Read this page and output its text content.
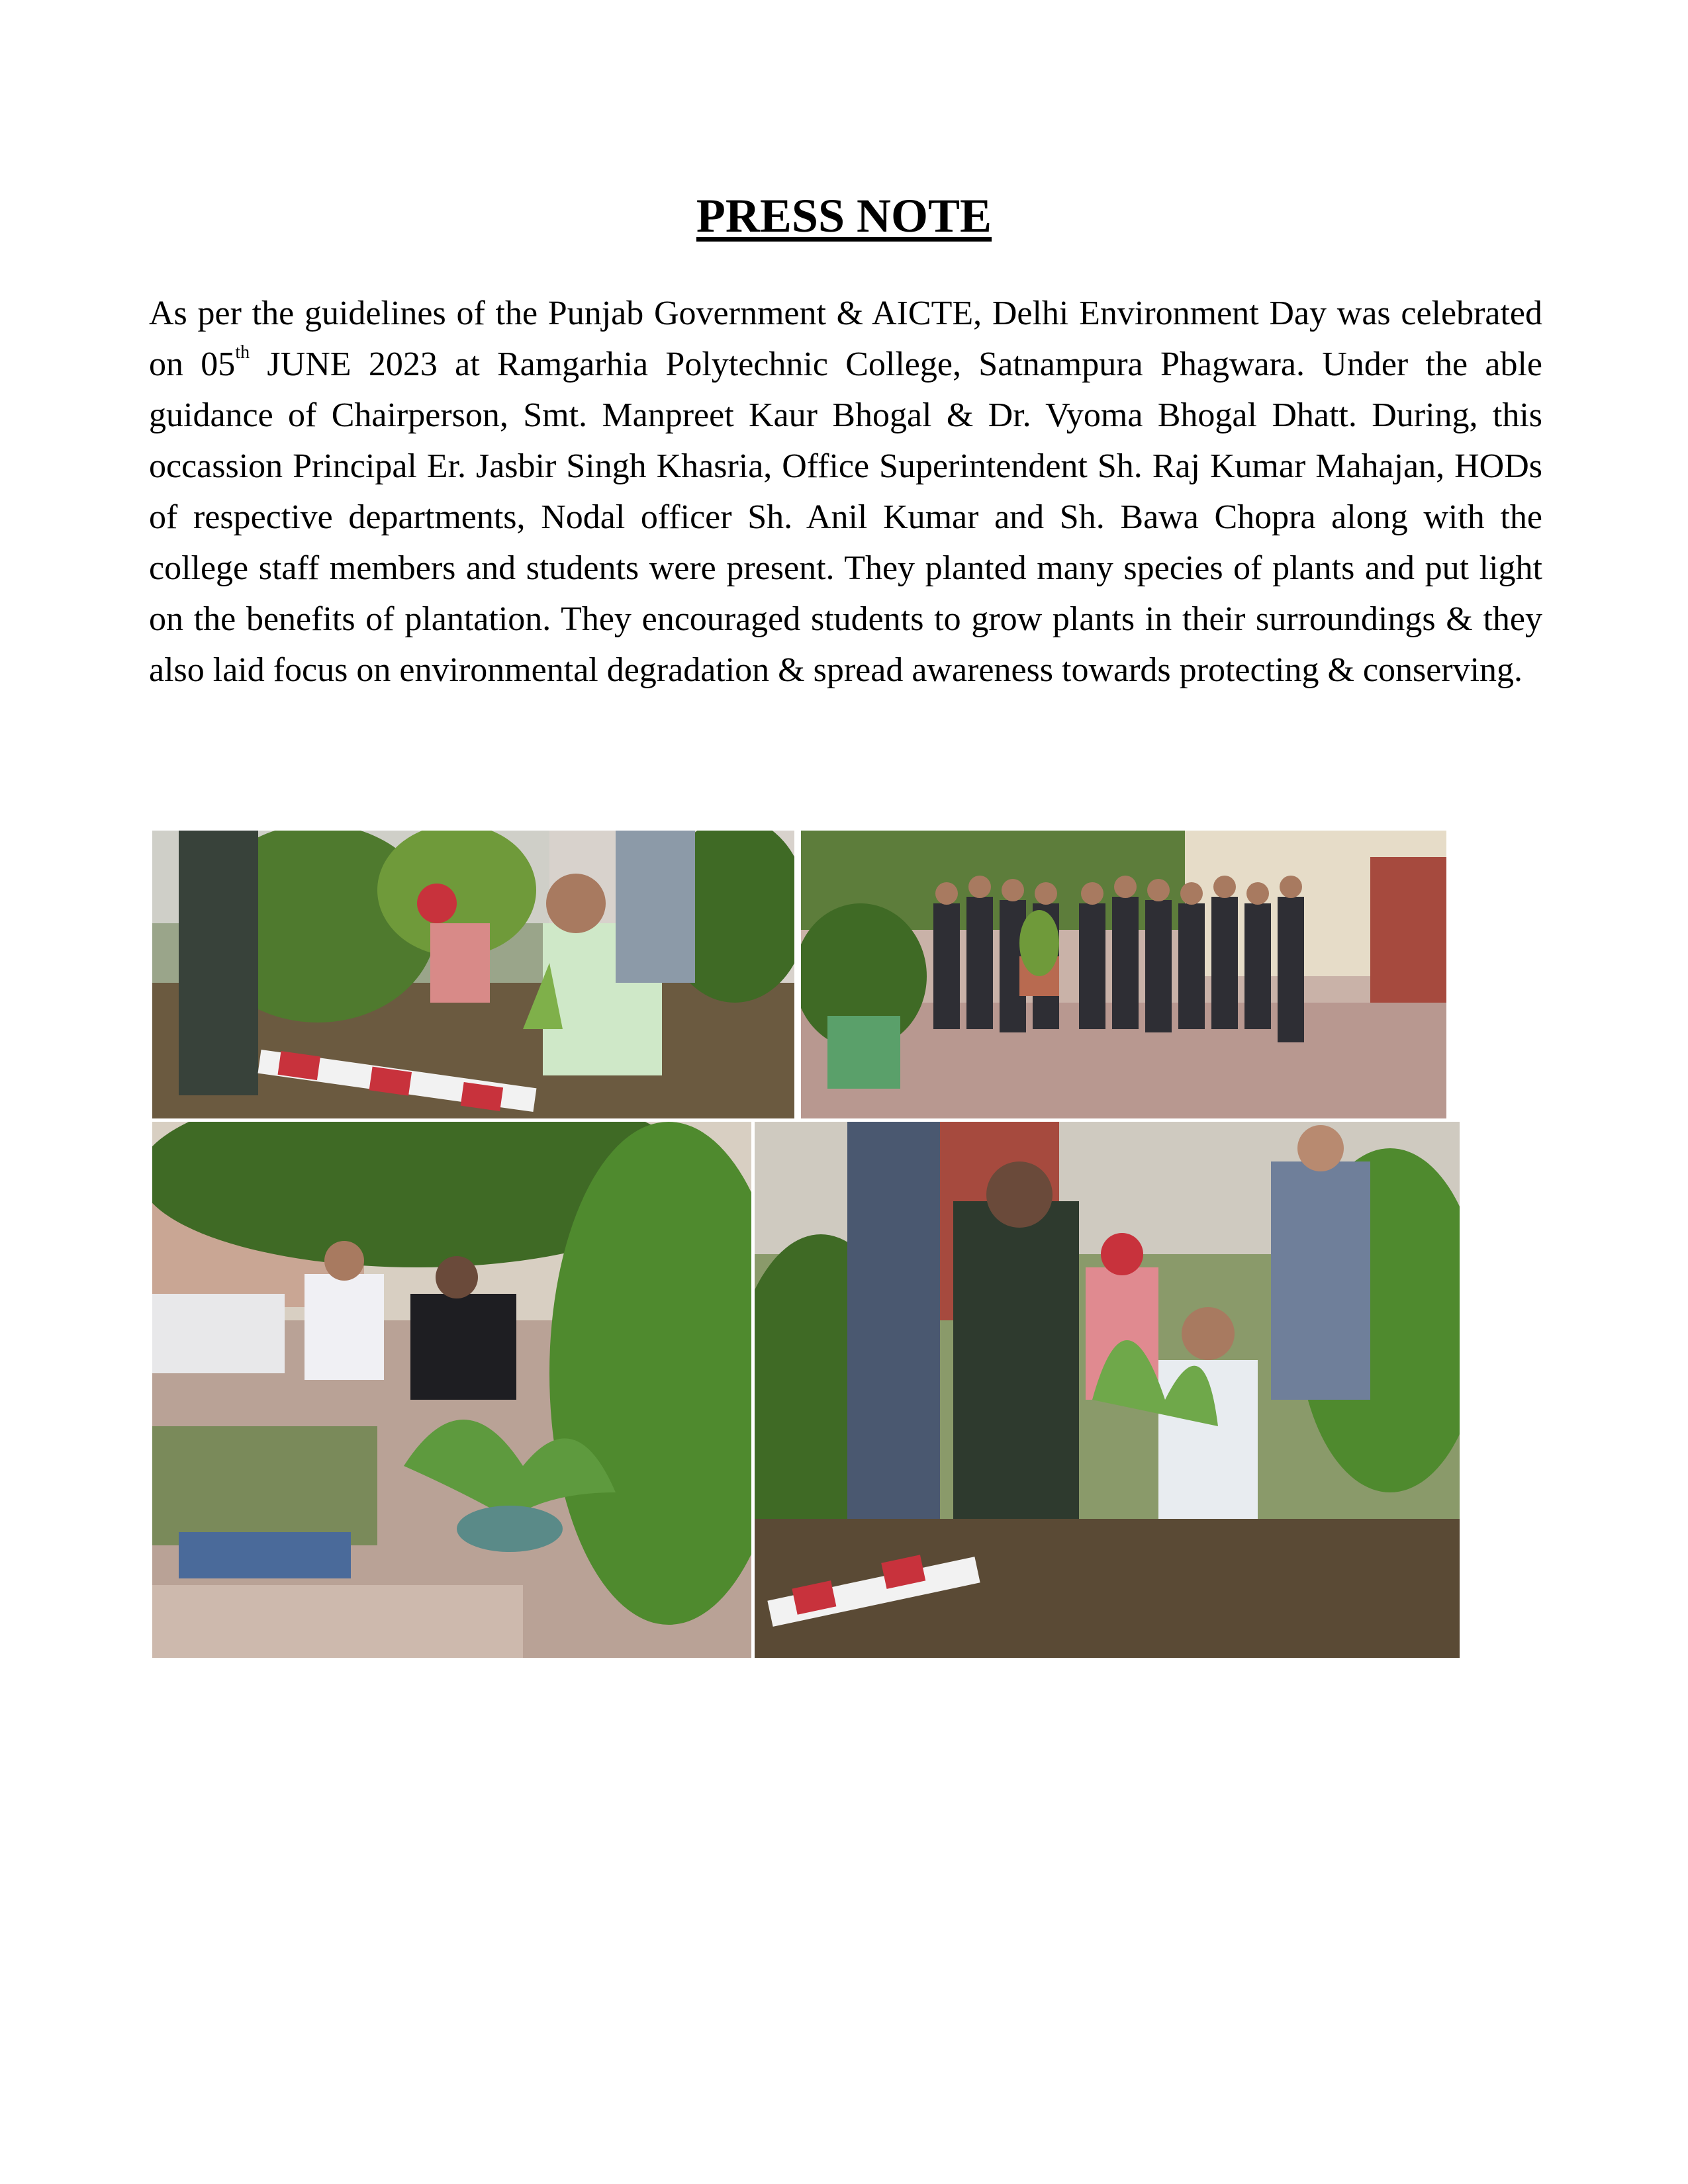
PRESS NOTE

As per the guidelines of the Punjab Government & AICTE, Delhi Environment Day was celebrated on 05th JUNE 2023 at Ramgarhia Polytechnic College, Satnampura Phagwara. Under the able guidance of Chairperson, Smt. Manpreet Kaur Bhogal & Dr. Vyoma Bhogal Dhatt. During, this occassion Principal Er. Jasbir Singh Khasria, Office Superintendent Sh. Raj Kumar Mahajan, HODs of respective departments, Nodal officer Sh. Anil Kumar and Sh. Bawa Chopra along with the college staff members and students were present. They planted many species of plants and put light on the benefits of plantation. They encouraged students to grow plants in their surroundings & they also laid focus on environmental degradation & spread awareness towards protecting & conserving.
